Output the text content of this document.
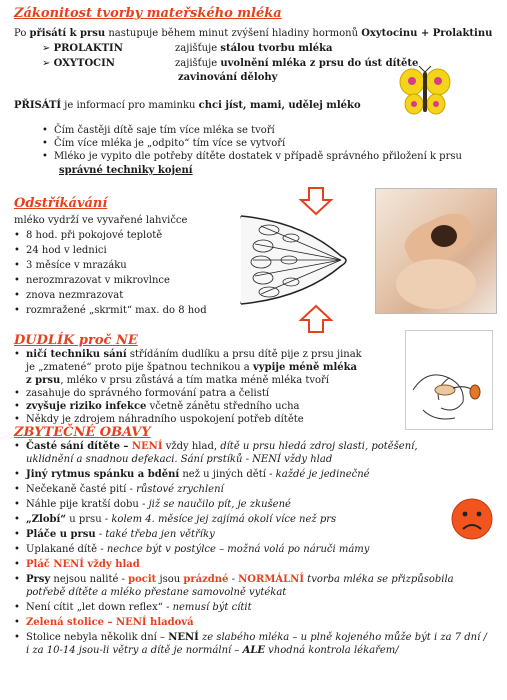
Zákonitost tvorby mateřského mléka
Po přisátí k prsu nastupuje během minut zvýšení hladiny hormonů Oxytocinu + Prolaktinu
➢ PROLAKTIN	zajišťuje stálou tvorbu mléka
➢ OXYTOCIN	zajišťuje uvolnění mléka z prsu do úst dítěte
zavinování dělohy
PŘISÁTÍ je informací pro maminku chci jíst, mami, udělej mléko
• Čím častěji dítě saje tím více mléka se tvoří
• Čím více mléka je „odpito“ tím více se vytvoří
• Mléko je vypito dle potřeby dítěte dostatek v případě správného přiložení k prsu
správné techniky kojení
Odstříkávání
mléko vydrží ve vyvařené lahvičce
• 8 hod. při pokojové teplotě
• 24 hod v lednici
• 3 měsíce v mrazáku
• nerozmrazovat v mikrovlnce
• znova nezmrazovat
• rozmražené „skrmit“ max. do 8 hod
DUDLÍK proč NE
• ničí techniku sání střídáním dudlíku a prsu dítě pije z prsu jinak
je „zmatené“ proto pije špatnou technikou a vypije méně mléka
z prsu, mléko v prsu zůstává a tím matka méně mléka tvoří
• zasahuje do správného formování patra a čelistí
• zvyšuje riziko infekce včetně zánětu středního ucha
• Někdy je zdrojem náhradního uspokojení potřeb dítěte
ZBYTEČNÉ OBAVY
• Časté sání dítěte – NENÍ vždy hlad, dítě u prsu hledá zdroj slasti, potěšení,
uklidnění a snadnou defekaci. Sání prstíků - NENÍ vždy hlad
• Jiný rytmus spánku a bdění než u jiných dětí - každé je jedinečné
• Nečekaně časté pití - růstové zrychlení
• Náhle pije kratší dobu - již se naučilo pít, je zkušené
• „Zlobí“ u prsu - kolem 4. měsíce jej zajímá okolí více než prs
• Pláče u prsu - také třeba jen větříky
• Uplakané dítě - nechce být v postýlce – možná volá po náruči mámy
• Pláč NENÍ vždy hlad
• Prsy nejsou nalité - pocit jsou prázdné - NORMÁLNÍ tvorba mléka se přizpůsobila
potřebě dítěte a mléko přestane samovolně vytékat
• Není cítit „let down reflex“ - nemusí být cítit
• Zelená stolice – NENÍ hladová
• Stolice nebyla několik dní – NENÍ ze slabého mléka – u plně kojeného může být i za 7 dní /
i za 10-14 jsou-li větry a dítě je normální – ALE vhodná kontrola lékařem/
